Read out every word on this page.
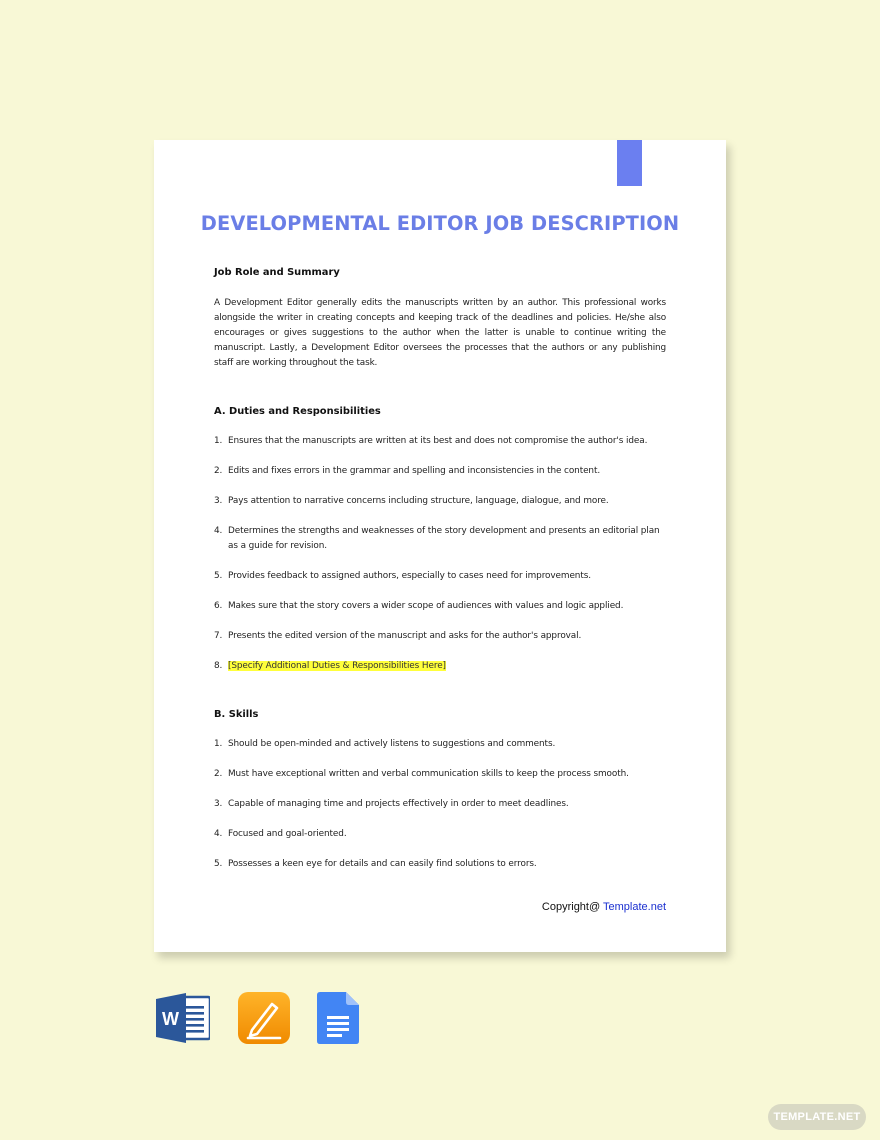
DEVELOPMENTAL EDITOR JOB DESCRIPTION
Job Role and Summary
A Development Editor generally edits the manuscripts written by an author. This professional works alongside the writer in creating concepts and keeping track of the deadlines and policies. He/she also encourages or gives suggestions to the author when the latter is unable to continue writing the manuscript. Lastly, a Development Editor oversees the processes that the authors or any publishing staff are working throughout the task.
A. Duties and Responsibilities
1. Ensures that the manuscripts are written at its best and does not compromise the author's idea.
2. Edits and fixes errors in the grammar and spelling and inconsistencies in the content.
3. Pays attention to narrative concerns including structure, language, dialogue, and more.
4. Determines the strengths and weaknesses of the story development and presents an editorial plan as a guide for revision.
5. Provides feedback to assigned authors, especially to cases need for improvements.
6. Makes sure that the story covers a wider scope of audiences with values and logic applied.
7. Presents the edited version of the manuscript and asks for the author's approval.
8. [Specify Additional Duties & Responsibilities Here]
B. Skills
1. Should be open-minded and actively listens to suggestions and comments.
2. Must have exceptional written and verbal communication skills to keep the process smooth.
3. Capable of managing time and projects effectively in order to meet deadlines.
4. Focused and goal-oriented.
5. Possesses a keen eye for details and can easily find solutions to errors.
Copyright@ Template.net
W
TEMPLATE.NET
